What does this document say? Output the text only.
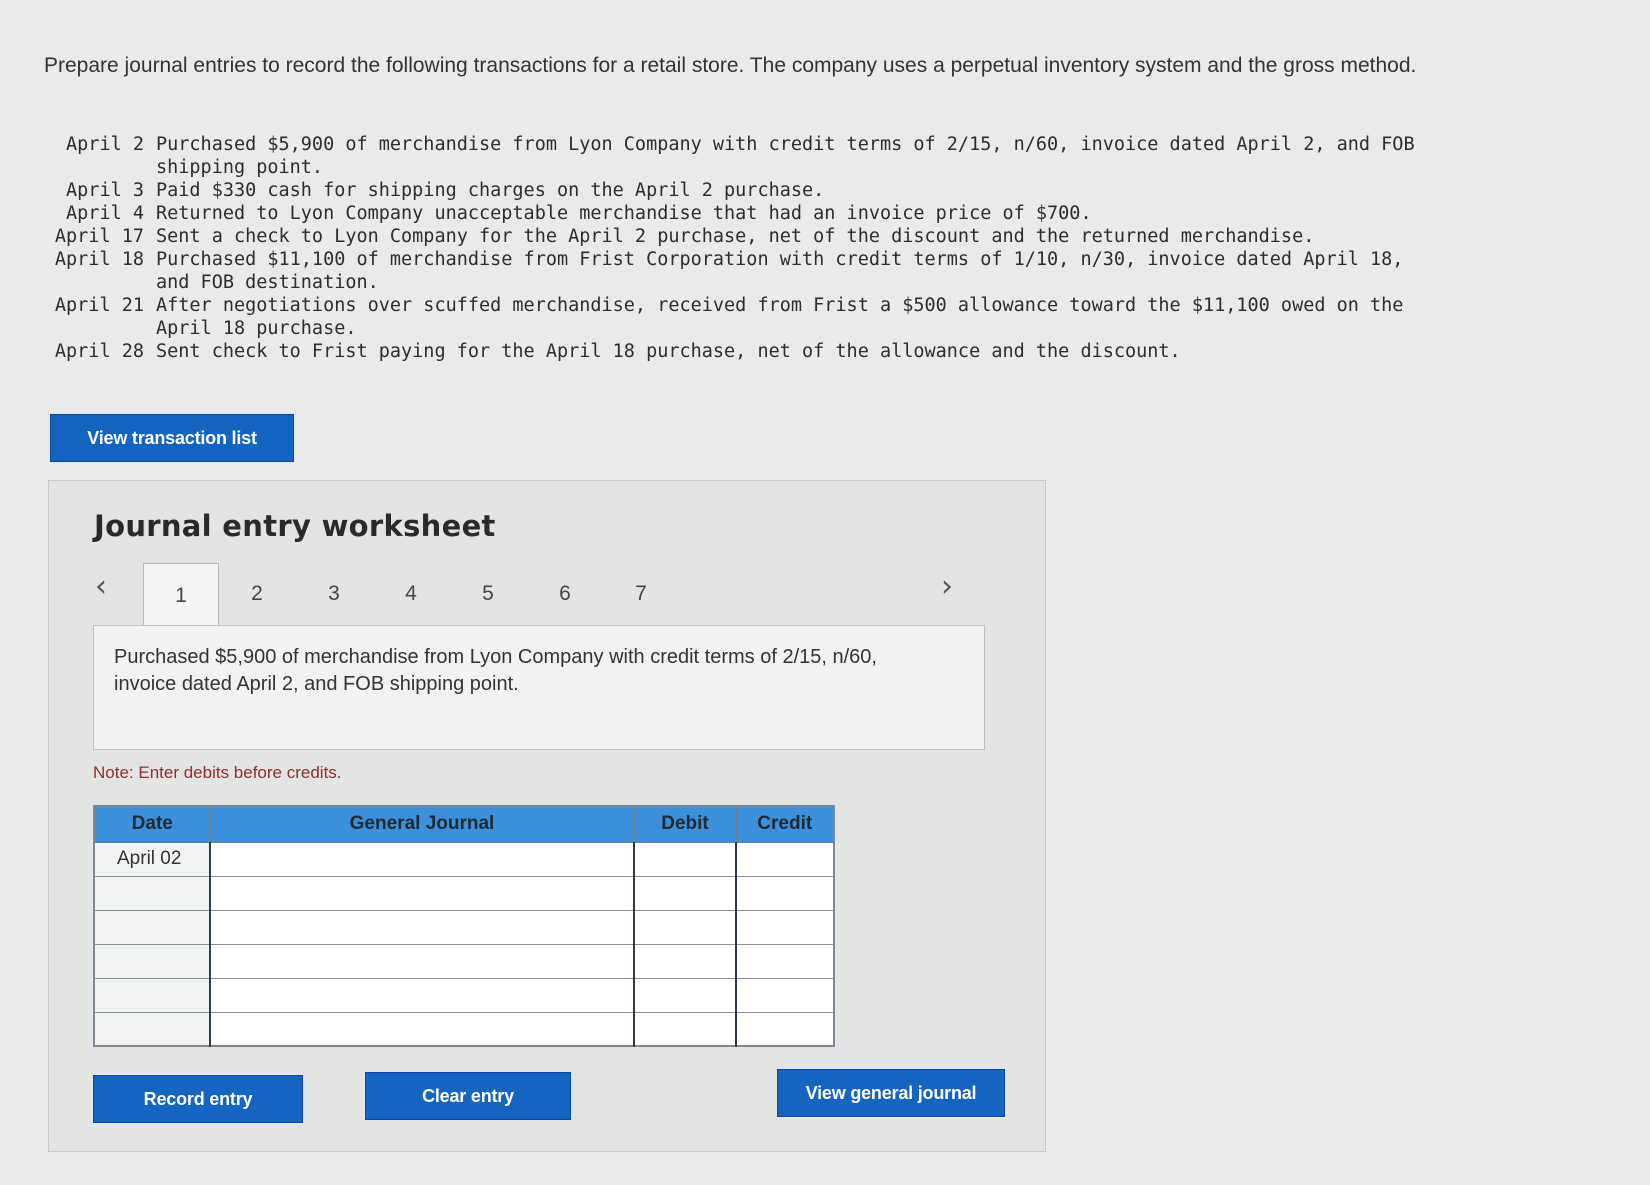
Prepare journal entries to record the following transactions for a retail store. The company uses a perpetual inventory system and the gross method.
April 2 Purchased $5,900 of merchandise from Lyon Company with credit terms of 2/15, n/60, invoice dated April 2, and FOB shipping point.
April 3 Paid $330 cash for shipping charges on the April 2 purchase.
April 4 Returned to Lyon Company unacceptable merchandise that had an invoice price of $700.
April 17 Sent a check to Lyon Company for the April 2 purchase, net of the discount and the returned merchandise.
April 18 Purchased $11,100 of merchandise from Frist Corporation with credit terms of 1/10, n/30, invoice dated April 18, and FOB destination.
April 21 After negotiations over scuffed merchandise, received from Frist a $500 allowance toward the $11,100 owed on the April 18 purchase.
April 28 Sent check to Frist paying for the April 18 purchase, net of the allowance and the discount.
View transaction list
Journal entry worksheet
‹	1	2	3	4	5	6	7	›
Purchased $5,900 of merchandise from Lyon Company with credit terms of 2/15, n/60, invoice dated April 2, and FOB shipping point.
Note: Enter debits before credits.
Date	General Journal	Debit	Credit
April 02			

Record entry	Clear entry	View general journal
